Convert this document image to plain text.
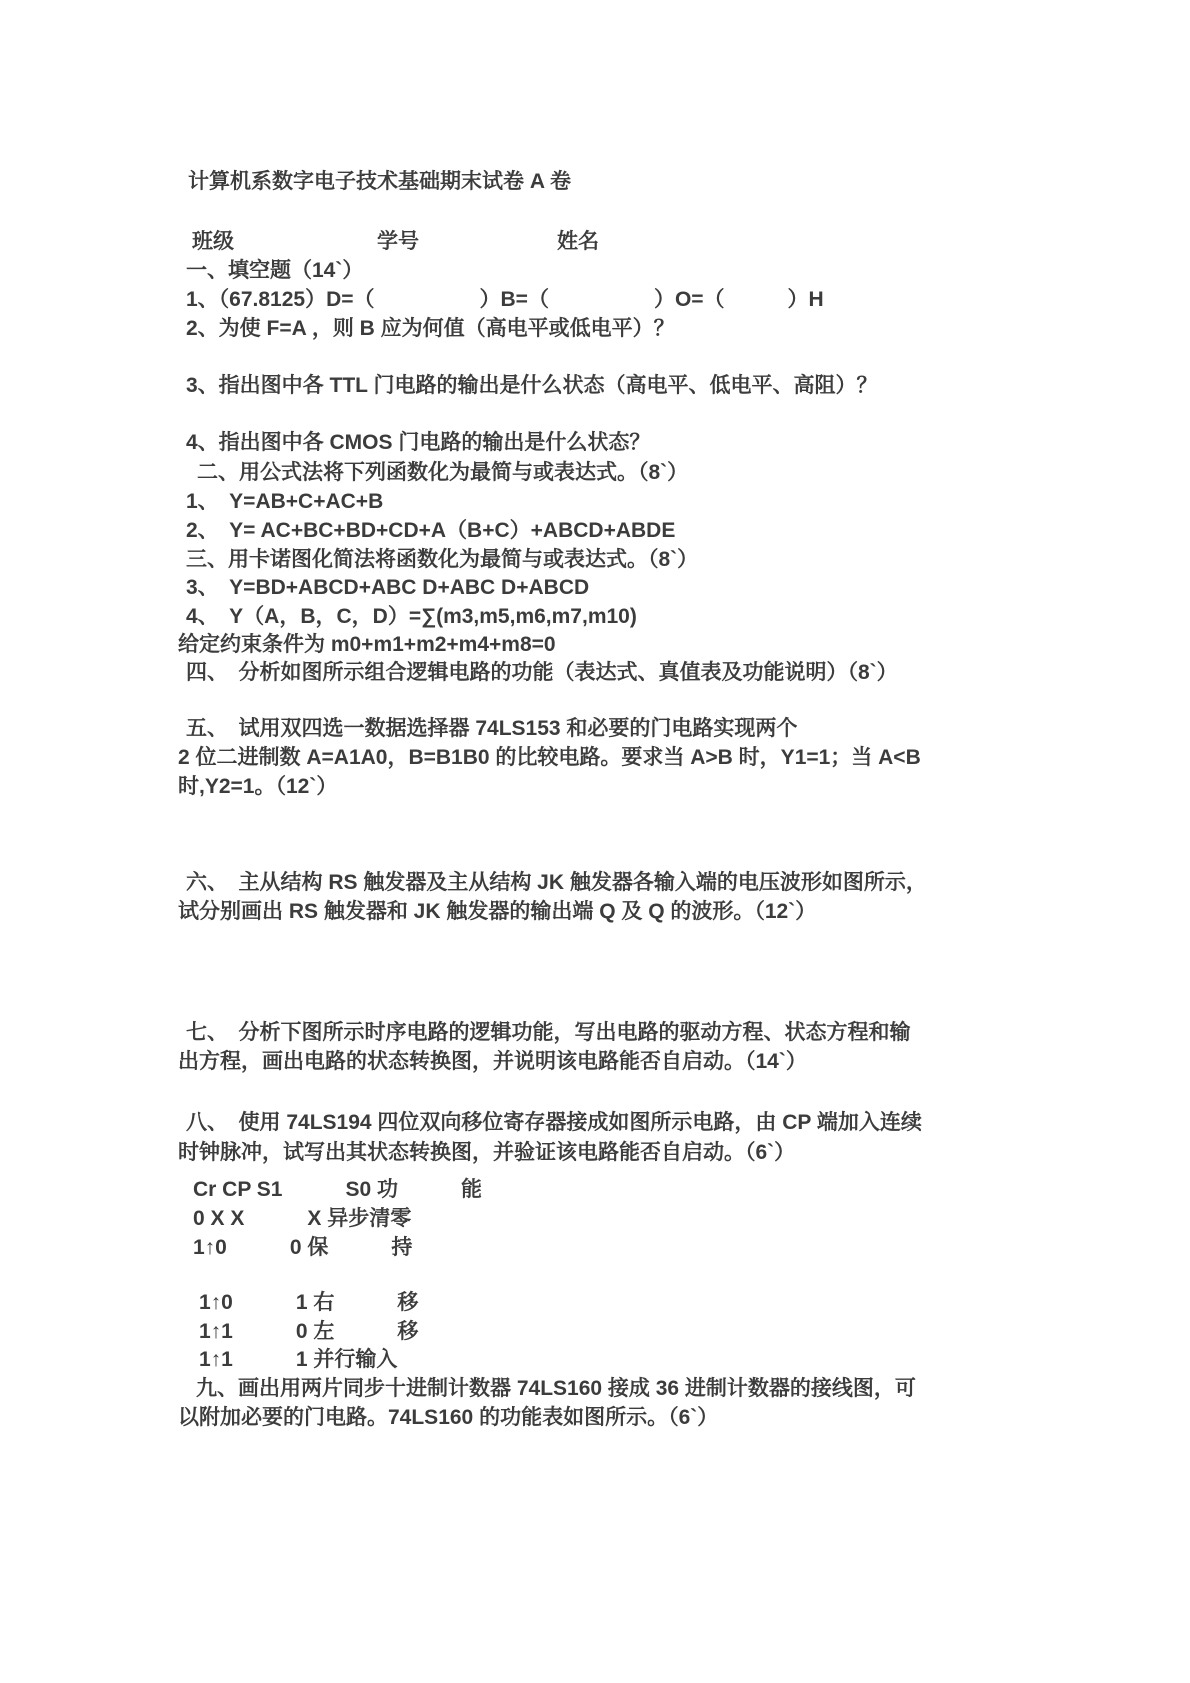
计算机系数字电子技术基础期末试卷 A 卷

班级

	学号

	姓名

一、填空题（14`）
1、（67.8125）D=（　　　　　）B=（　　　　　）O=（　　　）H
2、为使 F=A ，则 B 应为何值（高电平或低电平）？
3、指出图中各 TTL 门电路的输出是什么状态（高电平、低电平、高阻）？
4、指出图中各 CMOS 门电路的输出是什么状态？
二、用公式法将下列函数化为最简与或表达式。（8`）
1、　Y=AB+C+AC+B
2、　Y= AC+BC+BD+CD+A（B+C）+ABCD+ABDE
三、用卡诺图化简法将函数化为最简与或表达式。（8`）
3、　Y=BD+ABCD+ABC D+ABC D+ABCD
4、　Y（A，B，C，D）=∑(m3,m5,m6,m7,m10)
给定约束条件为 m0+m1+m2+m4+m8=0
四、　分析如图所示组合逻辑电路的功能（表达式、真值表及功能说明）（8`）
五、　试用双四选一数据选择器 74LS153 和必要的门电路实现两个
2 位二进制数 A=A1A0，B=B1B0 的比较电路。要求当 A>B 时，Y1=1；当 A<B
时,Y2=1。（12`）
六、　主从结构 RS 触发器及主从结构 JK 触发器各输入端的电压波形如图所示，
试分别画出 RS 触发器和 JK 触发器的输出端 Q 及 Q 的波形。（12`）
七、　分析下图所示时序电路的逻辑功能，写出电路的驱动方程、状态方程和输
出方程，画出电路的状态转换图，并说明该电路能否自启动。（14`）
八、　使用 74LS194 四位双向移位寄存器接成如图所示电路，由 CP 端加入连续
时钟脉冲，试写出其状态转换图，并验证该电路能否自启动。（6`）
Cr CP S1　　　S0 功　　　能
0 X X　　　X 异步清零
1↑0　　　0 保　　　持
1↑0　　　1 右　　　移
1↑1　　　0 左　　　移
1↑1　　　1 并行输入
九、画出用两片同步十进制计数器 74LS160 接成 36 进制计数器的接线图，可
以附加必要的门电路。74LS160 的功能表如图所示。（6`）
